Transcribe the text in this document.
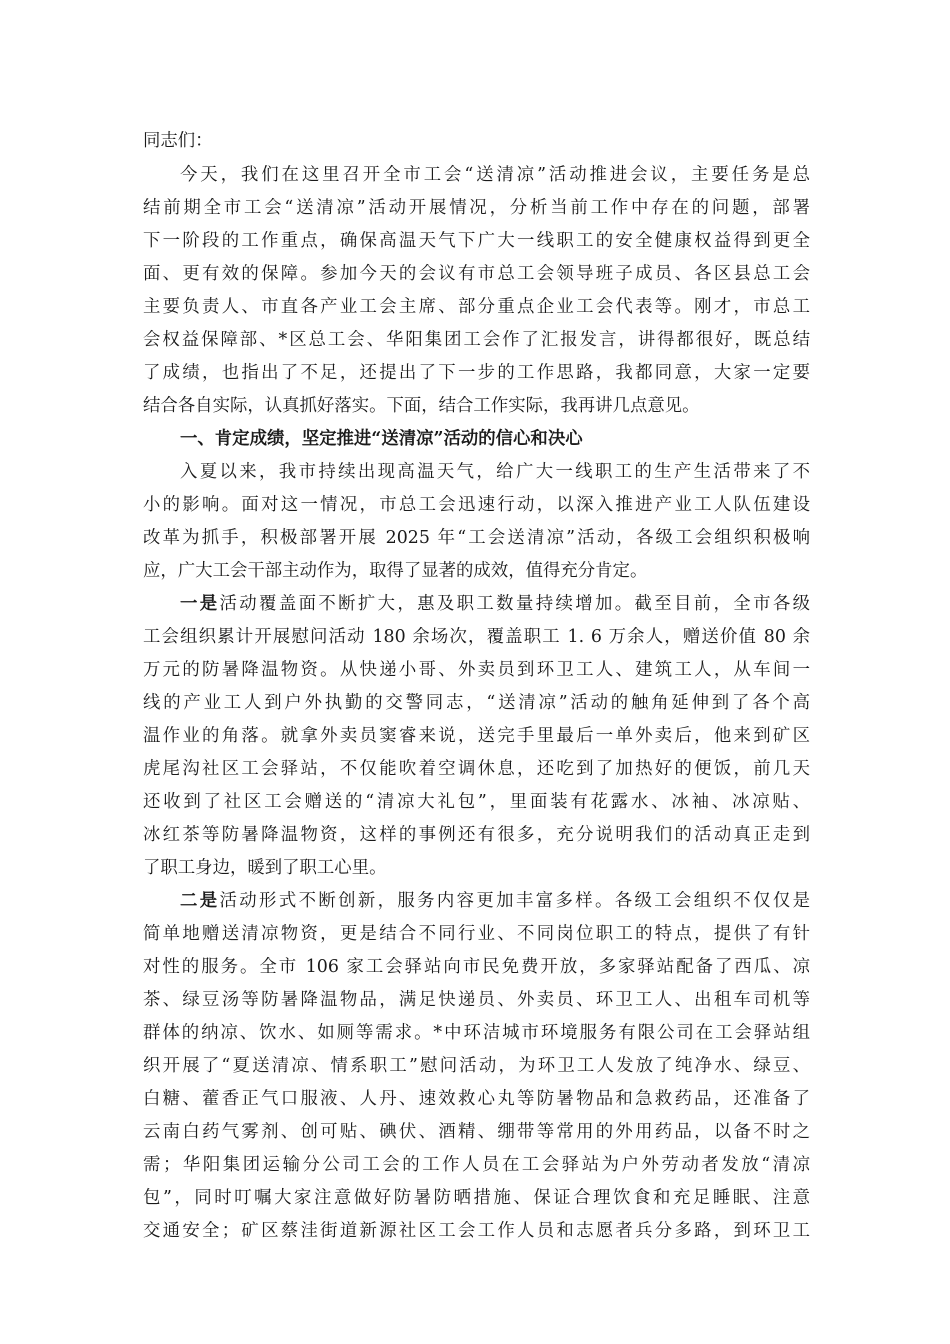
同志们：
今天，我们在这里召开全市工会“送清凉”活动推进会议，主要任务是总
结前期全市工会“送清凉”活动开展情况，分析当前工作中存在的问题，部署
下一阶段的工作重点，确保高温天气下广大一线职工的安全健康权益得到更全
面、更有效的保障。参加今天的会议有市总工会领导班子成员、各区县总工会
主要负责人、市直各产业工会主席、部分重点企业工会代表等。刚才，市总工
会权益保障部、*区总工会、华阳集团工会作了汇报发言，讲得都很好，既总结
了成绩，也指出了不足，还提出了下一步的工作思路，我都同意，大家一定要
结合各自实际，认真抓好落实。下面，结合工作实际，我再讲几点意见。
一、肯定成绩，坚定推进“送清凉”活动的信心和决心
入夏以来，我市持续出现高温天气，给广大一线职工的生产生活带来了不
小的影响。面对这一情况，市总工会迅速行动，以深入推进产业工人队伍建设
改革为抓手，积极部署开展 2025 年“工会送清凉”活动，各级工会组织积极响
应，广大工会干部主动作为，取得了显著的成效，值得充分肯定。
一是活动覆盖面不断扩大，惠及职工数量持续增加。截至目前，全市各级
工会组织累计开展慰问活动 180 余场次，覆盖职工 1. 6 万余人，赠送价值 80 余
万元的防暑降温物资。从快递小哥、外卖员到环卫工人、建筑工人，从车间一
线的产业工人到户外执勤的交警同志，“送清凉”活动的触角延伸到了各个高
温作业的角落。就拿外卖员窦睿来说，送完手里最后一单外卖后，他来到矿区
虎尾沟社区工会驿站，不仅能吹着空调休息，还吃到了加热好的便饭，前几天
还收到了社区工会赠送的“清凉大礼包”，里面装有花露水、冰袖、冰凉贴、
冰红茶等防暑降温物资，这样的事例还有很多，充分说明我们的活动真正走到
了职工身边，暖到了职工心里。
二是活动形式不断创新，服务内容更加丰富多样。各级工会组织不仅仅是
简单地赠送清凉物资，更是结合不同行业、不同岗位职工的特点，提供了有针
对性的服务。全市 106 家工会驿站向市民免费开放，多家驿站配备了西瓜、凉
茶、绿豆汤等防暑降温物品，满足快递员、外卖员、环卫工人、出租车司机等
群体的纳凉、饮水、如厕等需求。*中环洁城市环境服务有限公司在工会驿站组
织开展了“夏送清凉、情系职工”慰问活动，为环卫工人发放了纯净水、绿豆、
白糖、藿香正气口服液、人丹、速效救心丸等防暑物品和急救药品，还准备了
云南白药气雾剂、创可贴、碘伏、酒精、绷带等常用的外用药品，以备不时之
需；华阳集团运输分公司工会的工作人员在工会驿站为户外劳动者发放“清凉
包”，同时叮嘱大家注意做好防暑防晒措施、保证合理饮食和充足睡眠、注意
交通安全；矿区蔡洼街道新源社区工会工作人员和志愿者兵分多路，到环卫工
